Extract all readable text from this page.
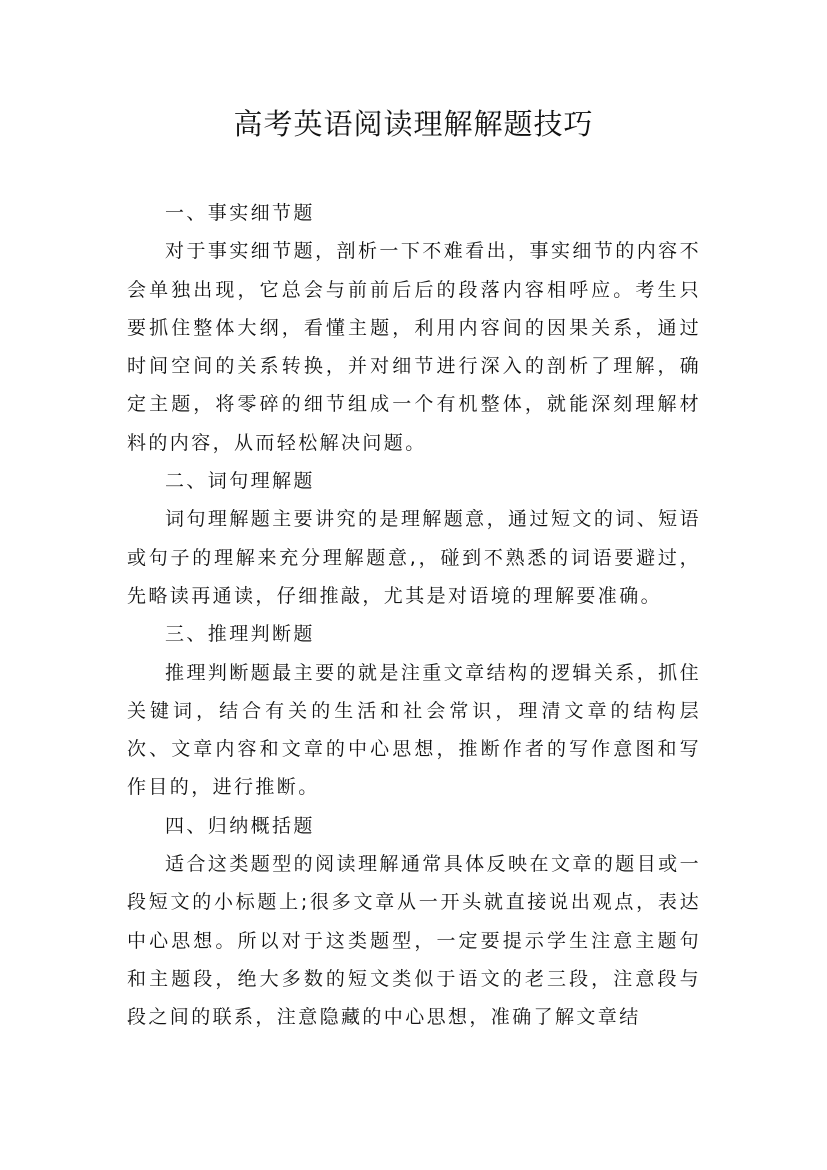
高考英语阅读理解解题技巧

一、事实细节题

对于事实细节题，剖析一下不难看出，事实细节的内容不会单独出现，它总会与前前后后的段落内容相呼应。考生只要抓住整体大纲，看懂主题，利用内容间的因果关系，通过时间空间的关系转换，并对细节进行深入的剖析了理解，确定主题，将零碎的细节组成一个有机整体，就能深刻理解材料的内容，从而轻松解决问题。

二、词句理解题

词句理解题主要讲究的是理解题意，通过短文的词、短语或句子的理解来充分理解题意,，碰到不熟悉的词语要避过，先略读再通读，仔细推敲，尤其是对语境的理解要准确。

三、推理判断题

推理判断题最主要的就是注重文章结构的逻辑关系，抓住关键词，结合有关的生活和社会常识，理清文章的结构层次、文章内容和文章的中心思想，推断作者的写作意图和写作目的，进行推断。

四、归纳概括题

适合这类题型的阅读理解通常具体反映在文章的题目或一段短文的小标题上;很多文章从一开头就直接说出观点，表达中心思想。所以对于这类题型，一定要提示学生注意主题句和主题段，绝大多数的短文类似于语文的老三段，注意段与段之间的联系，注意隐藏的中心思想，准确了解文章结
